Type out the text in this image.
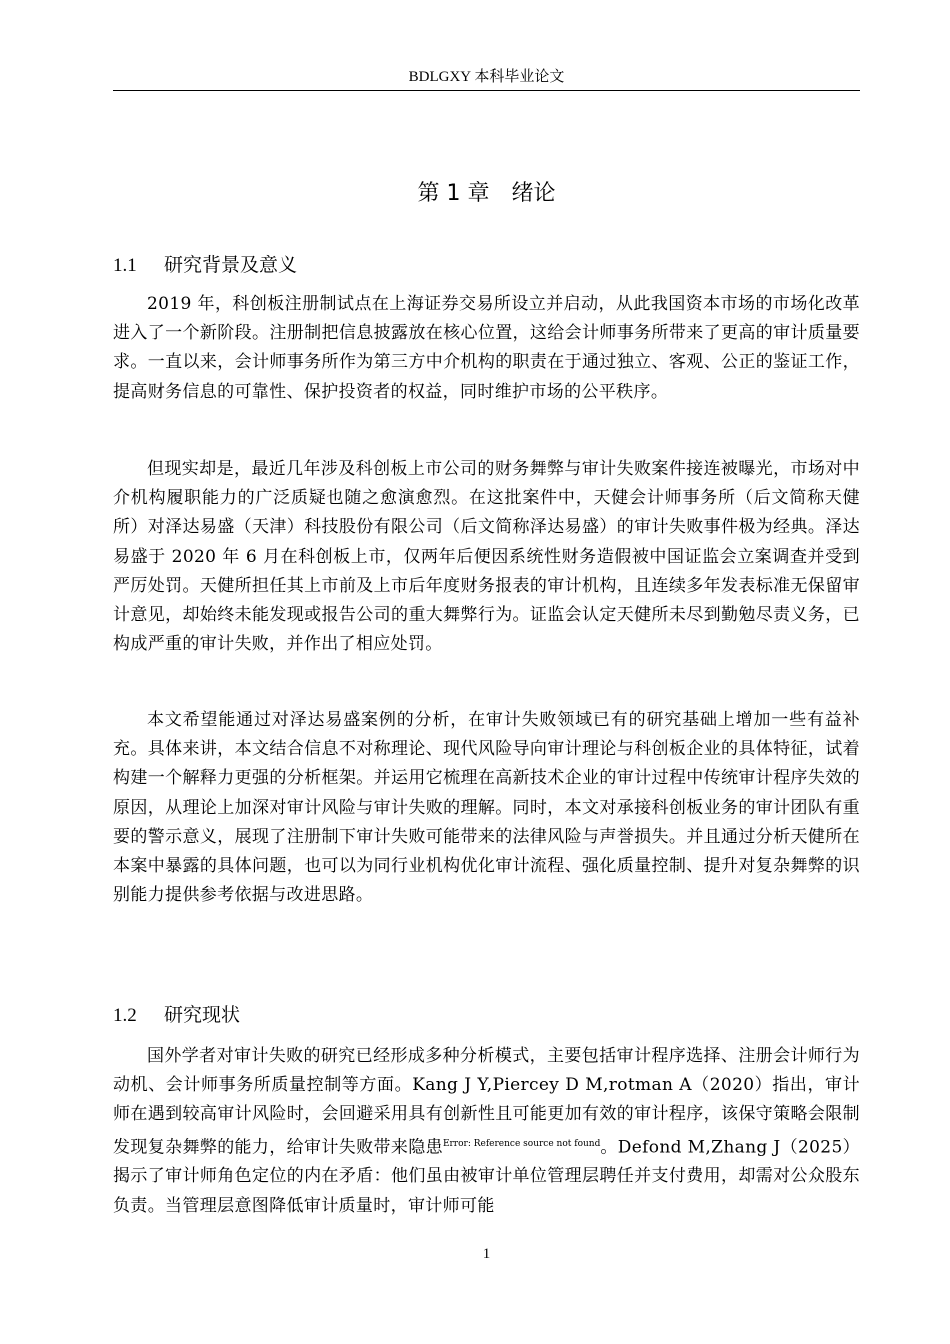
BDLGXY 本科毕业论文
第 1 章　绪论
1.1 研究背景及意义

2019 年，科创板注册制试点在上海证券交易所设立并启动，从此我国资本市场的市场化改革进入了一个新阶段。注册制把信息披露放在核心位置，这给会计师事务所带来了更高的审计质量要求。一直以来，会计师事务所作为第三方中介机构的职责在于通过独立、客观、公正的鉴证工作，提高财务信息的可靠性、保护投资者的权益，同时维护市场的公平秩序。

但现实却是，最近几年涉及科创板上市公司的财务舞弊与审计失败案件接连被曝光，市场对中介机构履职能力的广泛质疑也随之愈演愈烈。在这批案件中，天健会计师事务所（后文简称天健所）对泽达易盛（天津）科技股份有限公司（后文简称泽达易盛）的审计失败事件极为经典。泽达易盛于 2020 年 6 月在科创板上市，仅两年后便因系统性财务造假被中国证监会立案调查并受到严厉处罚。天健所担任其上市前及上市后年度财务报表的审计机构，且连续多年发表标准无保留审计意见，却始终未能发现或报告公司的重大舞弊行为。证监会认定天健所未尽到勤勉尽责义务，已构成严重的审计失败，并作出了相应处罚。

本文希望能通过对泽达易盛案例的分析，在审计失败领域已有的研究基础上增加一些有益补充。具体来讲，本文结合信息不对称理论、现代风险导向审计理论与科创板企业的具体特征，试着构建一个解释力更强的分析框架。并运用它梳理在高新技术企业的审计过程中传统审计程序失效的原因，从理论上加深对审计风险与审计失败的理解。同时，本文对承接科创板业务的审计团队有重要的警示意义，展现了注册制下审计失败可能带来的法律风险与声誉损失。并且通过分析天健所在本案中暴露的具体问题，也可以为同行业机构优化审计流程、强化质量控制、提升对复杂舞弊的识别能力提供参考依据与改进思路。

1.2 研究现状

国外学者对审计失败的研究已经形成多种分析模式，主要包括审计程序选择、注册会计师行为动机、会计师事务所质量控制等方面。Kang J Y,Piercey D M,rotman A（2020）指出，审计师在遇到较高审计风险时，会回避采用具有创新性且可能更加有效的审计程序，该保守策略会限制发现复杂舞弊的能力，给审计失败带来隐患$^{Error: Reference source not found}$。Defond M,Zhang J（2025）揭示了审计师角色定位的内在矛盾：他们虽由被审计单位管理层聘任并支付费用，却需对公众股东负责。当管理层意图降低审计质量时，审计师可能

1
